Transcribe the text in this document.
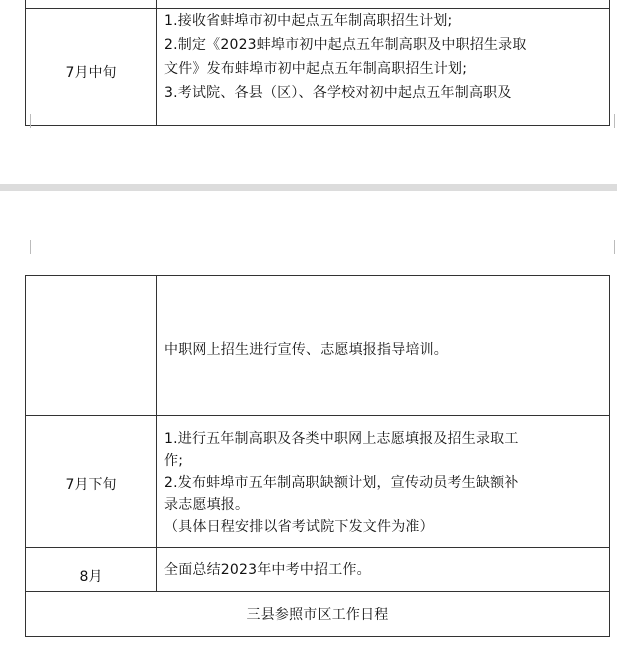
7月中旬
1.接收省蚌埠市初中起点五年制高职招生计划;
2.制定《2023蚌埠市初中起点五年制高职及中职招生录取
文件》发布蚌埠市初中起点五年制高职招生计划;
3.考试院、各县（区）、各学校对初中起点五年制高职及
中职网上招生进行宣传、志愿填报指导培训。
7月下旬
1.进行五年制高职及各类中职网上志愿填报及招生录取工
作;
2.发布蚌埠市五年制高职缺额计划，宣传动员考生缺额补
录志愿填报。
（具体日程安排以省考试院下发文件为准）
8月	全面总结2023年中考中招工作。
三县参照市区工作日程
